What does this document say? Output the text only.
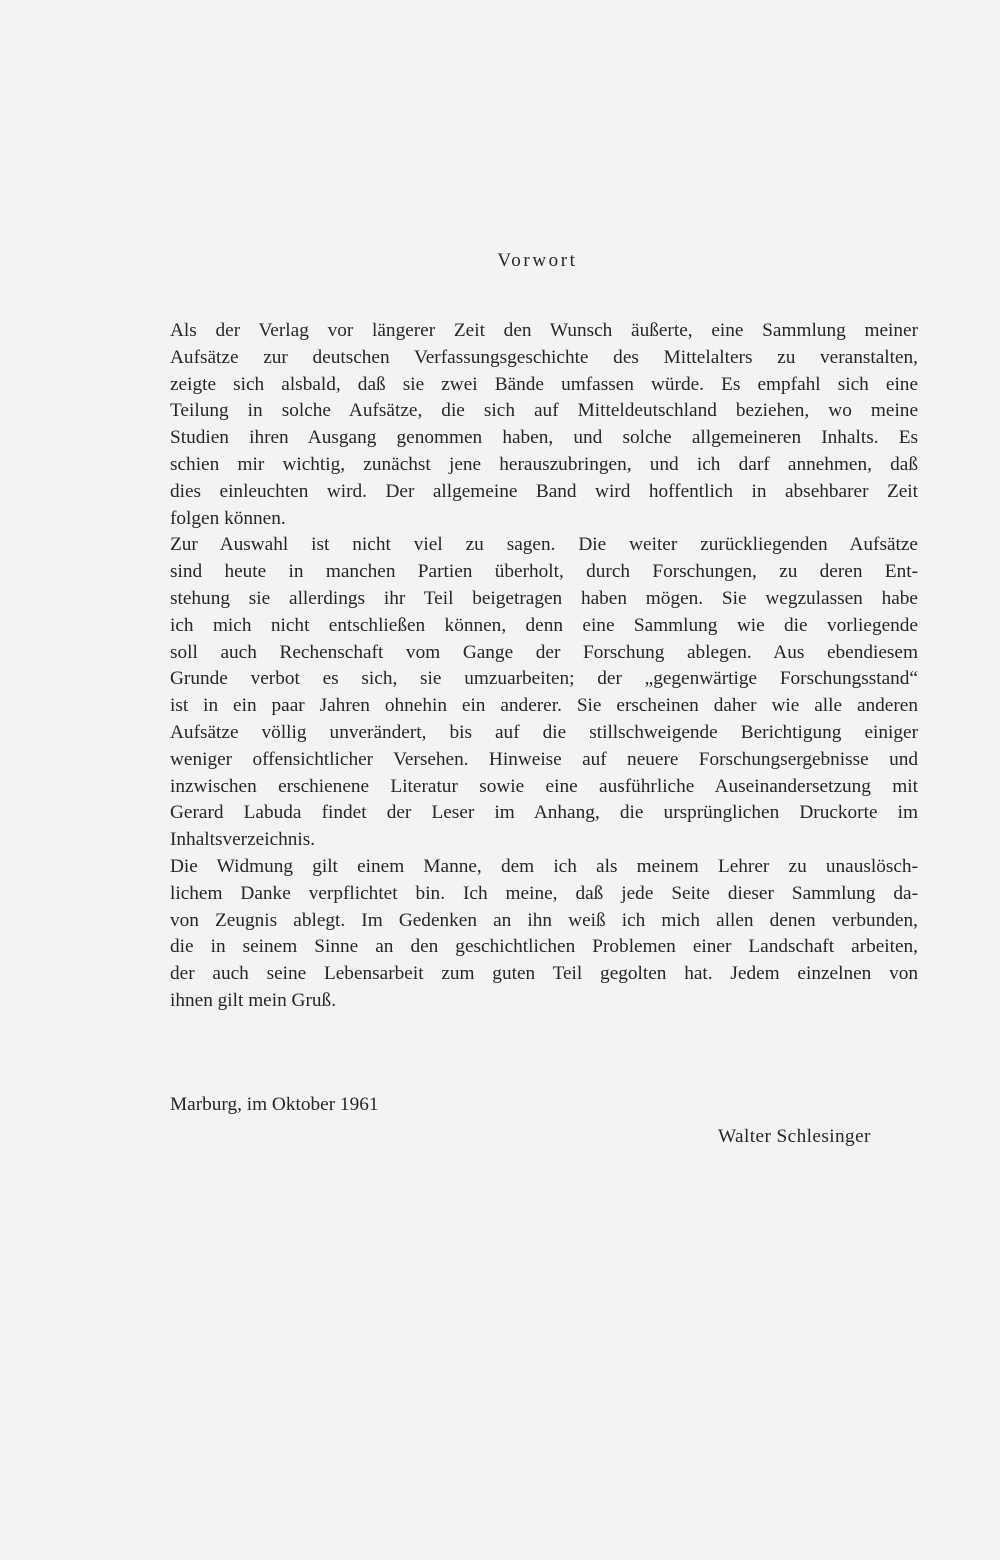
Vorwort
Als der Verlag vor längerer Zeit den Wunsch äußerte, eine Sammlung meiner
Aufsätze zur deutschen Verfassungsgeschichte des Mittelalters zu veranstalten,
zeigte sich alsbald, daß sie zwei Bände umfassen würde. Es empfahl sich eine
Teilung in solche Aufsätze, die sich auf Mitteldeutschland beziehen, wo meine
Studien ihren Ausgang genommen haben, und solche allgemeineren Inhalts. Es
schien mir wichtig, zunächst jene herauszubringen, und ich darf annehmen, daß
dies einleuchten wird. Der allgemeine Band wird hoffentlich in absehbarer Zeit
folgen können.
Zur Auswahl ist nicht viel zu sagen. Die weiter zurückliegenden Aufsätze
sind heute in manchen Partien überholt, durch Forschungen, zu deren Ent-
stehung sie allerdings ihr Teil beigetragen haben mögen. Sie wegzulassen habe
ich mich nicht entschließen können, denn eine Sammlung wie die vorliegende
soll auch Rechenschaft vom Gange der Forschung ablegen. Aus ebendiesem
Grunde verbot es sich, sie umzuarbeiten; der „gegenwärtige Forschungsstand“
ist in ein paar Jahren ohnehin ein anderer. Sie erscheinen daher wie alle anderen
Aufsätze völlig unverändert, bis auf die stillschweigende Berichtigung einiger
weniger offensichtlicher Versehen. Hinweise auf neuere Forschungsergebnisse und
inzwischen erschienene Literatur sowie eine ausführliche Auseinandersetzung mit
Gerard Labuda findet der Leser im Anhang, die ursprünglichen Druckorte im
Inhaltsverzeichnis.
Die Widmung gilt einem Manne, dem ich als meinem Lehrer zu unauslösch-
lichem Danke verpflichtet bin. Ich meine, daß jede Seite dieser Sammlung da-
von Zeugnis ablegt. Im Gedenken an ihn weiß ich mich allen denen verbunden,
die in seinem Sinne an den geschichtlichen Problemen einer Landschaft arbeiten,
der auch seine Lebensarbeit zum guten Teil gegolten hat. Jedem einzelnen von
ihnen gilt mein Gruß.
Marburg, im Oktober 1961
Walter Schlesinger
